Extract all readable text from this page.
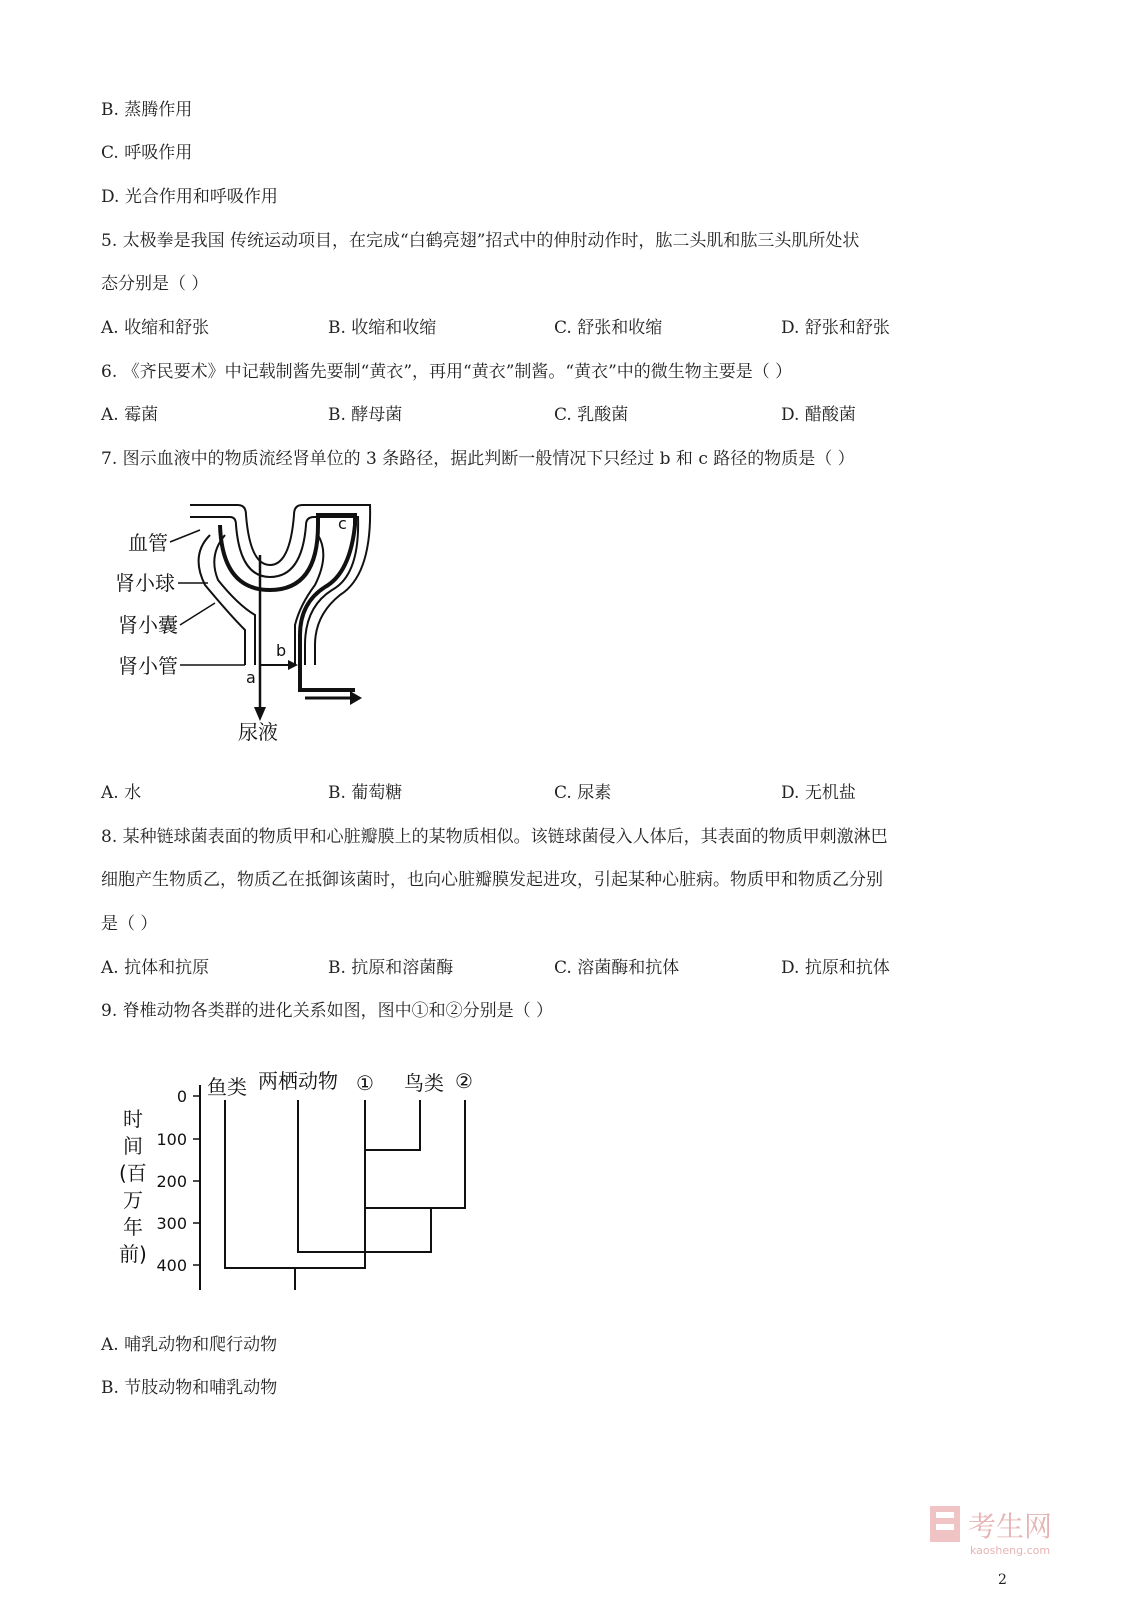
B. 蒸腾作用
C. 呼吸作用
D. 光合作用和呼吸作用
5. 太极拳是我国 传统运动项目，在完成“白鹤亮翅”招式中的伸肘动作时，肱二头肌和肱三头肌所处状
态分别是（ ）
A. 收缩和舒张	B. 收缩和收缩	C. 舒张和收缩	D. 舒张和舒张
6. 《齐民要术》中记载制酱先要制“黄衣”，再用“黄衣”制酱。“黄衣”中的微生物主要是（ ）
A. 霉菌	B. 酵母菌	C. 乳酸菌	D. 醋酸菌
7. 图示血液中的物质流经肾单位的 3 条路径，据此判断一般情况下只经过 b 和 c 路径的物质是（ ）
血管
肾小球
肾小囊
肾小管	a
b
c
尿液
A. 水	B. 葡萄糖	C. 尿素	D. 无机盐
8. 某种链球菌表面的物质甲和心脏瓣膜上的某物质相似。该链球菌侵入人体后，其表面的物质甲刺激淋巴
细胞产生物质乙，物质乙在抵御该菌时，也向心脏瓣膜发起进攻，引起某种心脏病。物质甲和物质乙分别
是（ ）
A. 抗体和抗原	B. 抗原和溶菌酶	C. 溶菌酶和抗体	D. 抗原和抗体
9. 脊椎动物各类群的进化关系如图，图中①和②分别是（ ）
0
100
200
300
400
时
间
(百
万
年
前)
鱼类 两栖动物 ① 鸟类 ②
A. 哺乳动物和爬行动物
B. 节肢动物和哺乳动物
考生网
kaosheng.com
2
